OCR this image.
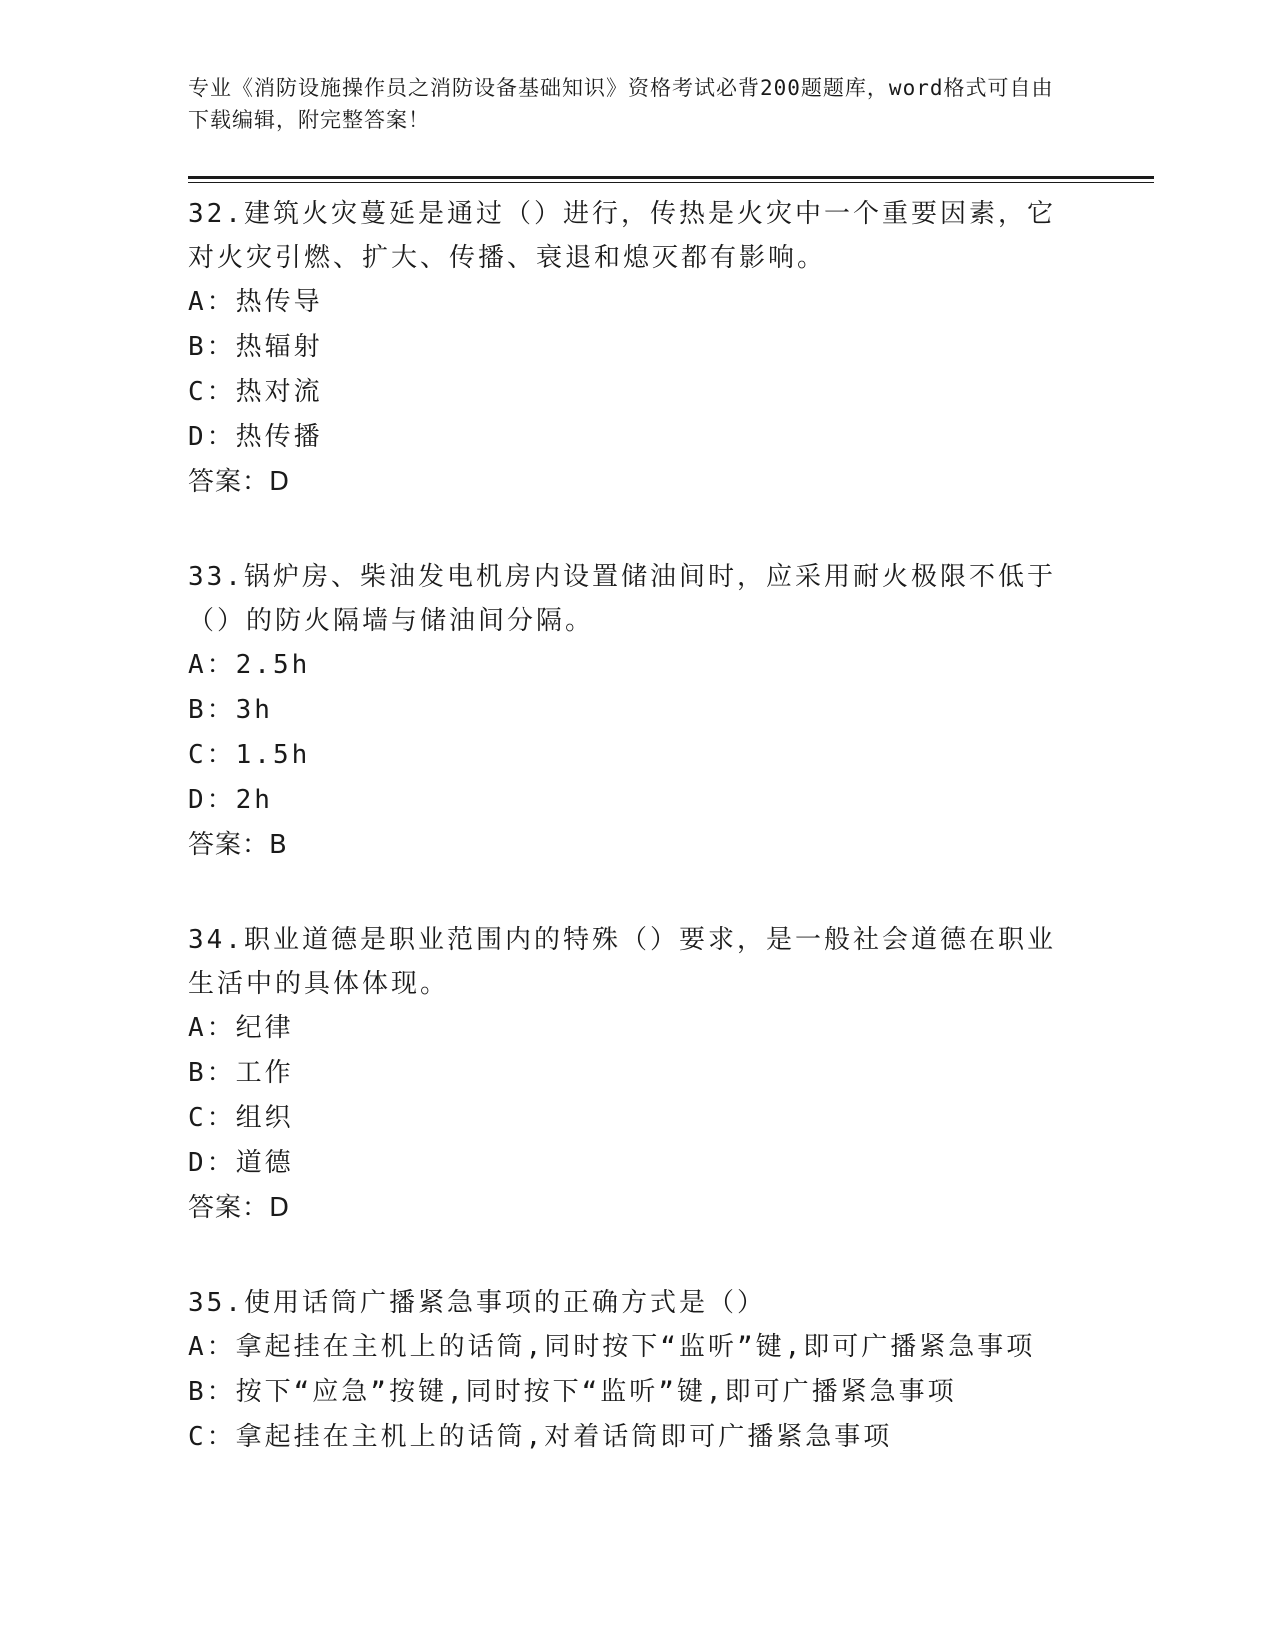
专业《消防设施操作员之消防设备基础知识》资格考试必背200题题库，word格式可自由下载编辑，附完整答案！
32.建筑火灾蔓延是通过（）进行，传热是火灾中一个重要因素，它对火灾引燃、扩大、传播、衰退和熄灭都有影响。
A：热传导
B：热辐射
C：热对流
D：热传播
答案：D
33.锅炉房、柴油发电机房内设置储油间时，应采用耐火极限不低于（）的防火隔墙与储油间分隔。
A：2.5h
B：3h
C：1.5h
D：2h
答案：B
34.职业道德是职业范围内的特殊（）要求，是一般社会道德在职业生活中的具体体现。
A：纪律
B：工作
C：组织
D：道德
答案：D
35.使用话筒广播紧急事项的正确方式是（）
A：拿起挂在主机上的话筒,同时按下“监听”键,即可广播紧急事项
B：按下“应急”按键,同时按下“监听”键,即可广播紧急事项
C：拿起挂在主机上的话筒,对着话筒即可广播紧急事项
